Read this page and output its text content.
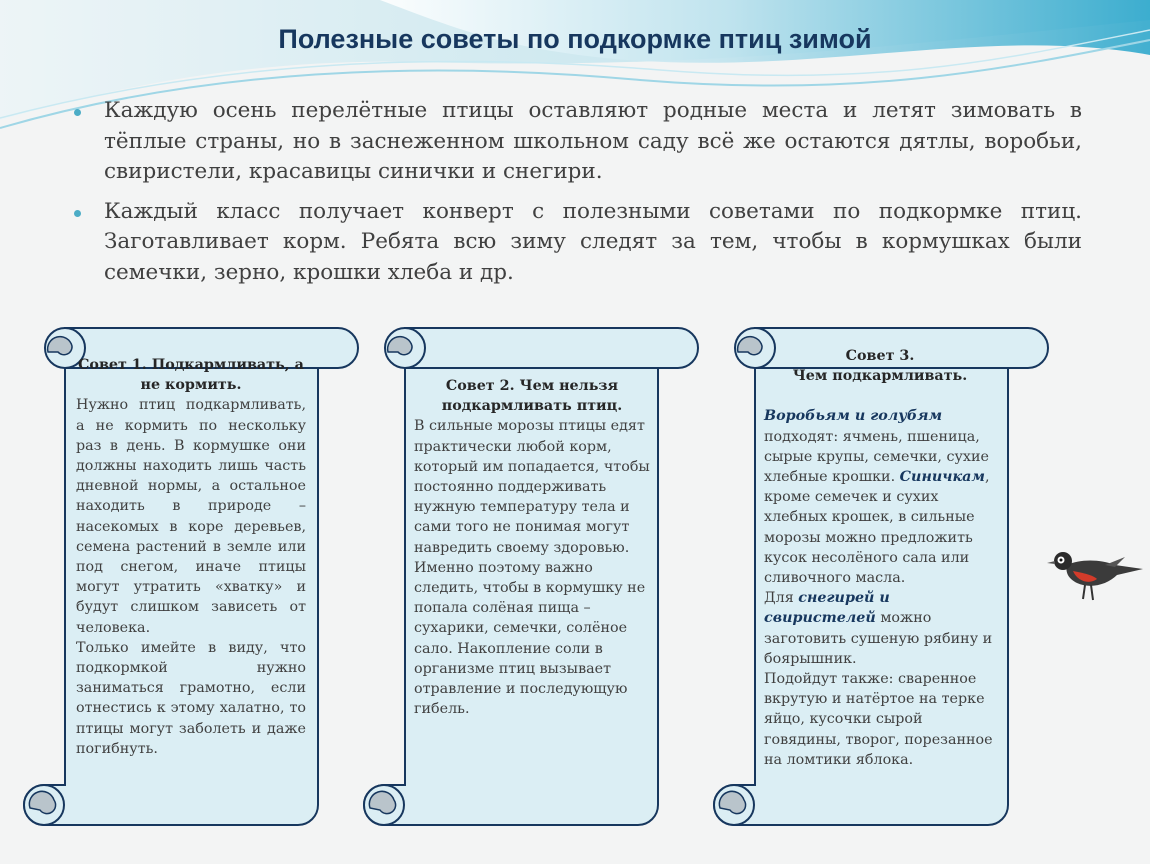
Полезные советы по подкормке птиц зимой
Каждую осень перелётные птицы оставляют родные места и летят зимовать в тёплые страны, но в заснеженном школьном саду всё же остаются дятлы, воробьи, свиристели, красавицы синички и снегири.
Каждый класс получает конверт с полезными советами по подкормке птиц. Заготавливает корм. Ребята всю зиму следят за тем, чтобы в кормушках были семечки, зерно, крошки хлеба и др.
Совет 1. Подкармливать, а не кормить.
Нужно птиц подкармливать, а не кормить по нескольку раз в день. В кормушке они должны находить лишь часть дневной нормы, а остальное находить в природе – насекомых в коре деревьев, семена растений в земле или под снегом, иначе птицы могут утратить «хватку» и будут слишком зависеть от человека.
Только имейте в виду, что подкормкой нужно заниматься грамотно, если отнестись к этому халатно, то птицы могут заболеть и даже погибнуть.
Совет 2. Чем нельзя подкармливать птиц.
В сильные морозы птицы едят практически любой корм, который им попадается, чтобы постоянно поддерживать нужную температуру тела и сами того не понимая могут навредить своему здоровью. Именно поэтому важно следить, чтобы в кормушку не попала солёная пища – сухарики, семечки, солёное сало. Накопление соли в организме птиц вызывает отравление и последующую гибель.
Совет 3.
Чем подкармливать.
Воробьям и голубям подходят: ячмень, пшеница, сырые крупы, семечки, сухие хлебные крошки. Синичкам, кроме семечек и сухих хлебных крошек, в сильные морозы можно предложить кусок несолёного сала или сливочного масла.
Для снегирей и свиристелей можно заготовить сушеную рябину и боярышник.
Подойдут также: сваренное вкрутую и натёртое на терке яйцо, кусочки сырой говядины, творог, порезанное на ломтики яблока.
